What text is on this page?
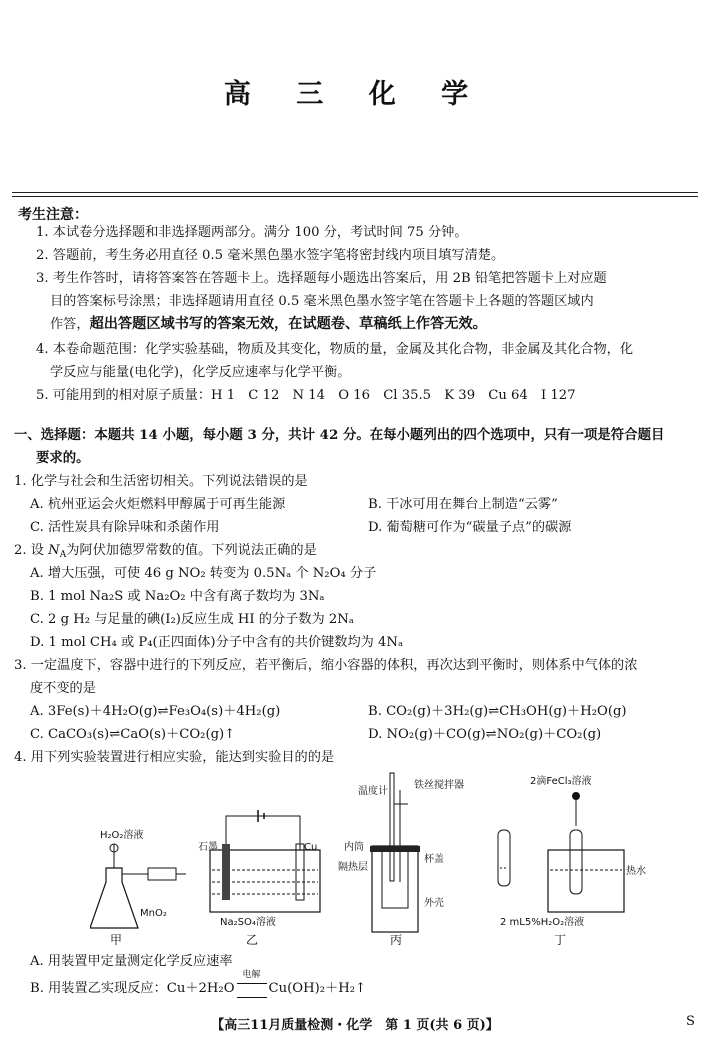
高 三 化 学
考生注意：
1. 本试卷分选择题和非选择题两部分。满分 100 分，考试时间 75 分钟。
2. 答题前，考生务必用直径 0.5 毫米黑色墨水签字笔将密封线内项目填写清楚。
3. 考生作答时，请将答案答在答题卡上。选择题每小题选出答案后，用 2B 铅笔把答题卡上对应题
目的答案标号涂黑；非选择题请用直径 0.5 毫米黑色墨水签字笔在答题卡上各题的答题区域内
作答，超出答题区域书写的答案无效，在试题卷、草稿纸上作答无效。
4. 本卷命题范围：化学实验基础，物质及其变化，物质的量，金属及其化合物，非金属及其化合物，化
学反应与能量(电化学)，化学反应速率与化学平衡。
5. 可能用到的相对原子质量：H 1　C 12　N 14　O 16　Cl 35.5　K 39　Cu 64　I 127
一、选择题：本题共 14 小题，每小题 3 分，共计 42 分。在每小题列出的四个选项中，只有一项是符合题目
要求的。
1. 化学与社会和生活密切相关。下列说法错误的是
A. 杭州亚运会火炬燃料甲醇属于可再生能源	B. 干冰可用在舞台上制造“云雾”
C. 活性炭具有除异味和杀菌作用	D. 葡萄糖可作为“碳量子点”的碳源
2. 设 $N_A$为阿伏加德罗常数的值。下列说法正确的是
A. 增大压强，可使 46 g NO₂ 转变为 0.5Nₐ 个 N₂O₄ 分子
B. 1 mol Na₂S 或 Na₂O₂ 中含有离子数均为 3Nₐ
C. 2 g H₂ 与足量的碘(I₂)反应生成 HI 的分子数为 2Nₐ
D. 1 mol CH₄ 或 P₄(正四面体)分子中含有的共价键数均为 4Nₐ
3. 一定温度下，容器中进行的下列反应，若平衡后，缩小容器的体积，再次达到平衡时，则体系中气体的浓
度不变的是
A. 3Fe(s)＋4H₂O(g)⇌Fe₃O₄(s)＋4H₂(g)	B. CO₂(g)＋3H₂(g)⇌CH₃OH(g)＋H₂O(g)
C. CaCO₃(s)⇌CaO(s)＋CO₂(g)↑	D. NO₂(g)＋CO(g)⇌NO₂(g)＋CO₂(g)
4. 用下列实验装置进行相应实验，能达到实验目的的是
H₂O₂溶液
MnO₂
甲
石墨	Cu
Na₂SO₄溶液
乙
温度计
铁丝搅拌器
内筒
隔热层
杯盖
外壳
丙
2滴FeCl₃溶液
热水
2 mL5%H₂O₂溶液
丁
A. 用装置甲定量测定化学反应速率
B. 用装置乙实现反应：Cu＋2H₂O
电解
Cu(OH)₂＋H₂↑
【高三11月质量检测・化学　第 1 页(共 6 页)】	S
